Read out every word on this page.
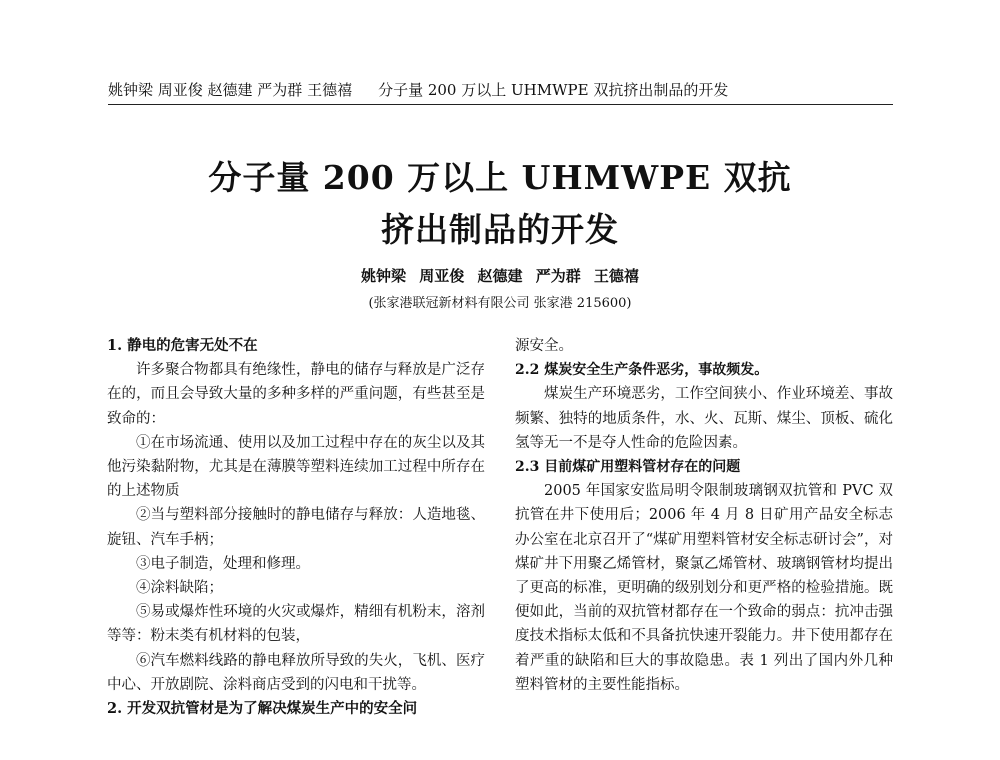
姚钟梁 周亚俊 赵德建 严为群 王德禧 分子量 200 万以上 UHMWPE 双抗挤出制品的开发
分子量 200 万以上 UHMWPE 双抗
挤出制品的开发
姚钟梁 周亚俊 赵德建 严为群 王德禧
(张家港联冠新材料有限公司 张家港 215600)
1. 静电的危害无处不在

许多聚合物都具有绝缘性，静电的储存与释放是广泛存在的，而且会导致大量的多种多样的严重问题，有些甚至是致命的：

①在市场流通、使用以及加工过程中存在的灰尘以及其他污染黏附物，尤其是在薄膜等塑料连续加工过程中所存在的上述物质

②当与塑料部分接触时的静电储存与释放：人造地毯、旋钮、汽车手柄；

③电子制造，处理和修理。

④涂料缺陷；

⑤易或爆炸性环境的火灾或爆炸，精细有机粉末，溶剂等等：粉末类有机材料的包装，

⑥汽车燃料线路的静电释放所导致的失火，飞机、医疗中心、开放剧院、涂料商店受到的闪电和干扰等。

2. 开发双抗管材是为了解决煤炭生产中的安全问

源安全。

2.2 煤炭安全生产条件恶劣，事故频发。

煤炭生产环境恶劣，工作空间狭小、作业环境差、事故频繁、独特的地质条件，水、火、瓦斯、煤尘、顶板、硫化氢等无一不是夺人性命的危险因素。

2.3 目前煤矿用塑料管材存在的问题

2005 年国家安监局明令限制玻璃钢双抗管和 PVC 双抗管在井下使用后；2006 年 4 月 8 日矿用产品安全标志办公室在北京召开了“煤矿用塑料管材安全标志研讨会”，对煤矿井下用聚乙烯管材，聚氯乙烯管材、玻璃钢管材均提出了更高的标准，更明确的级别划分和更严格的检验措施。既便如此，当前的双抗管材都存在一个致命的弱点：抗冲击强度技术指标太低和不具备抗快速开裂能力。井下使用都存在着严重的缺陷和巨大的事故隐患。表 1 列出了国内外几种塑料管材的主要性能指标。
